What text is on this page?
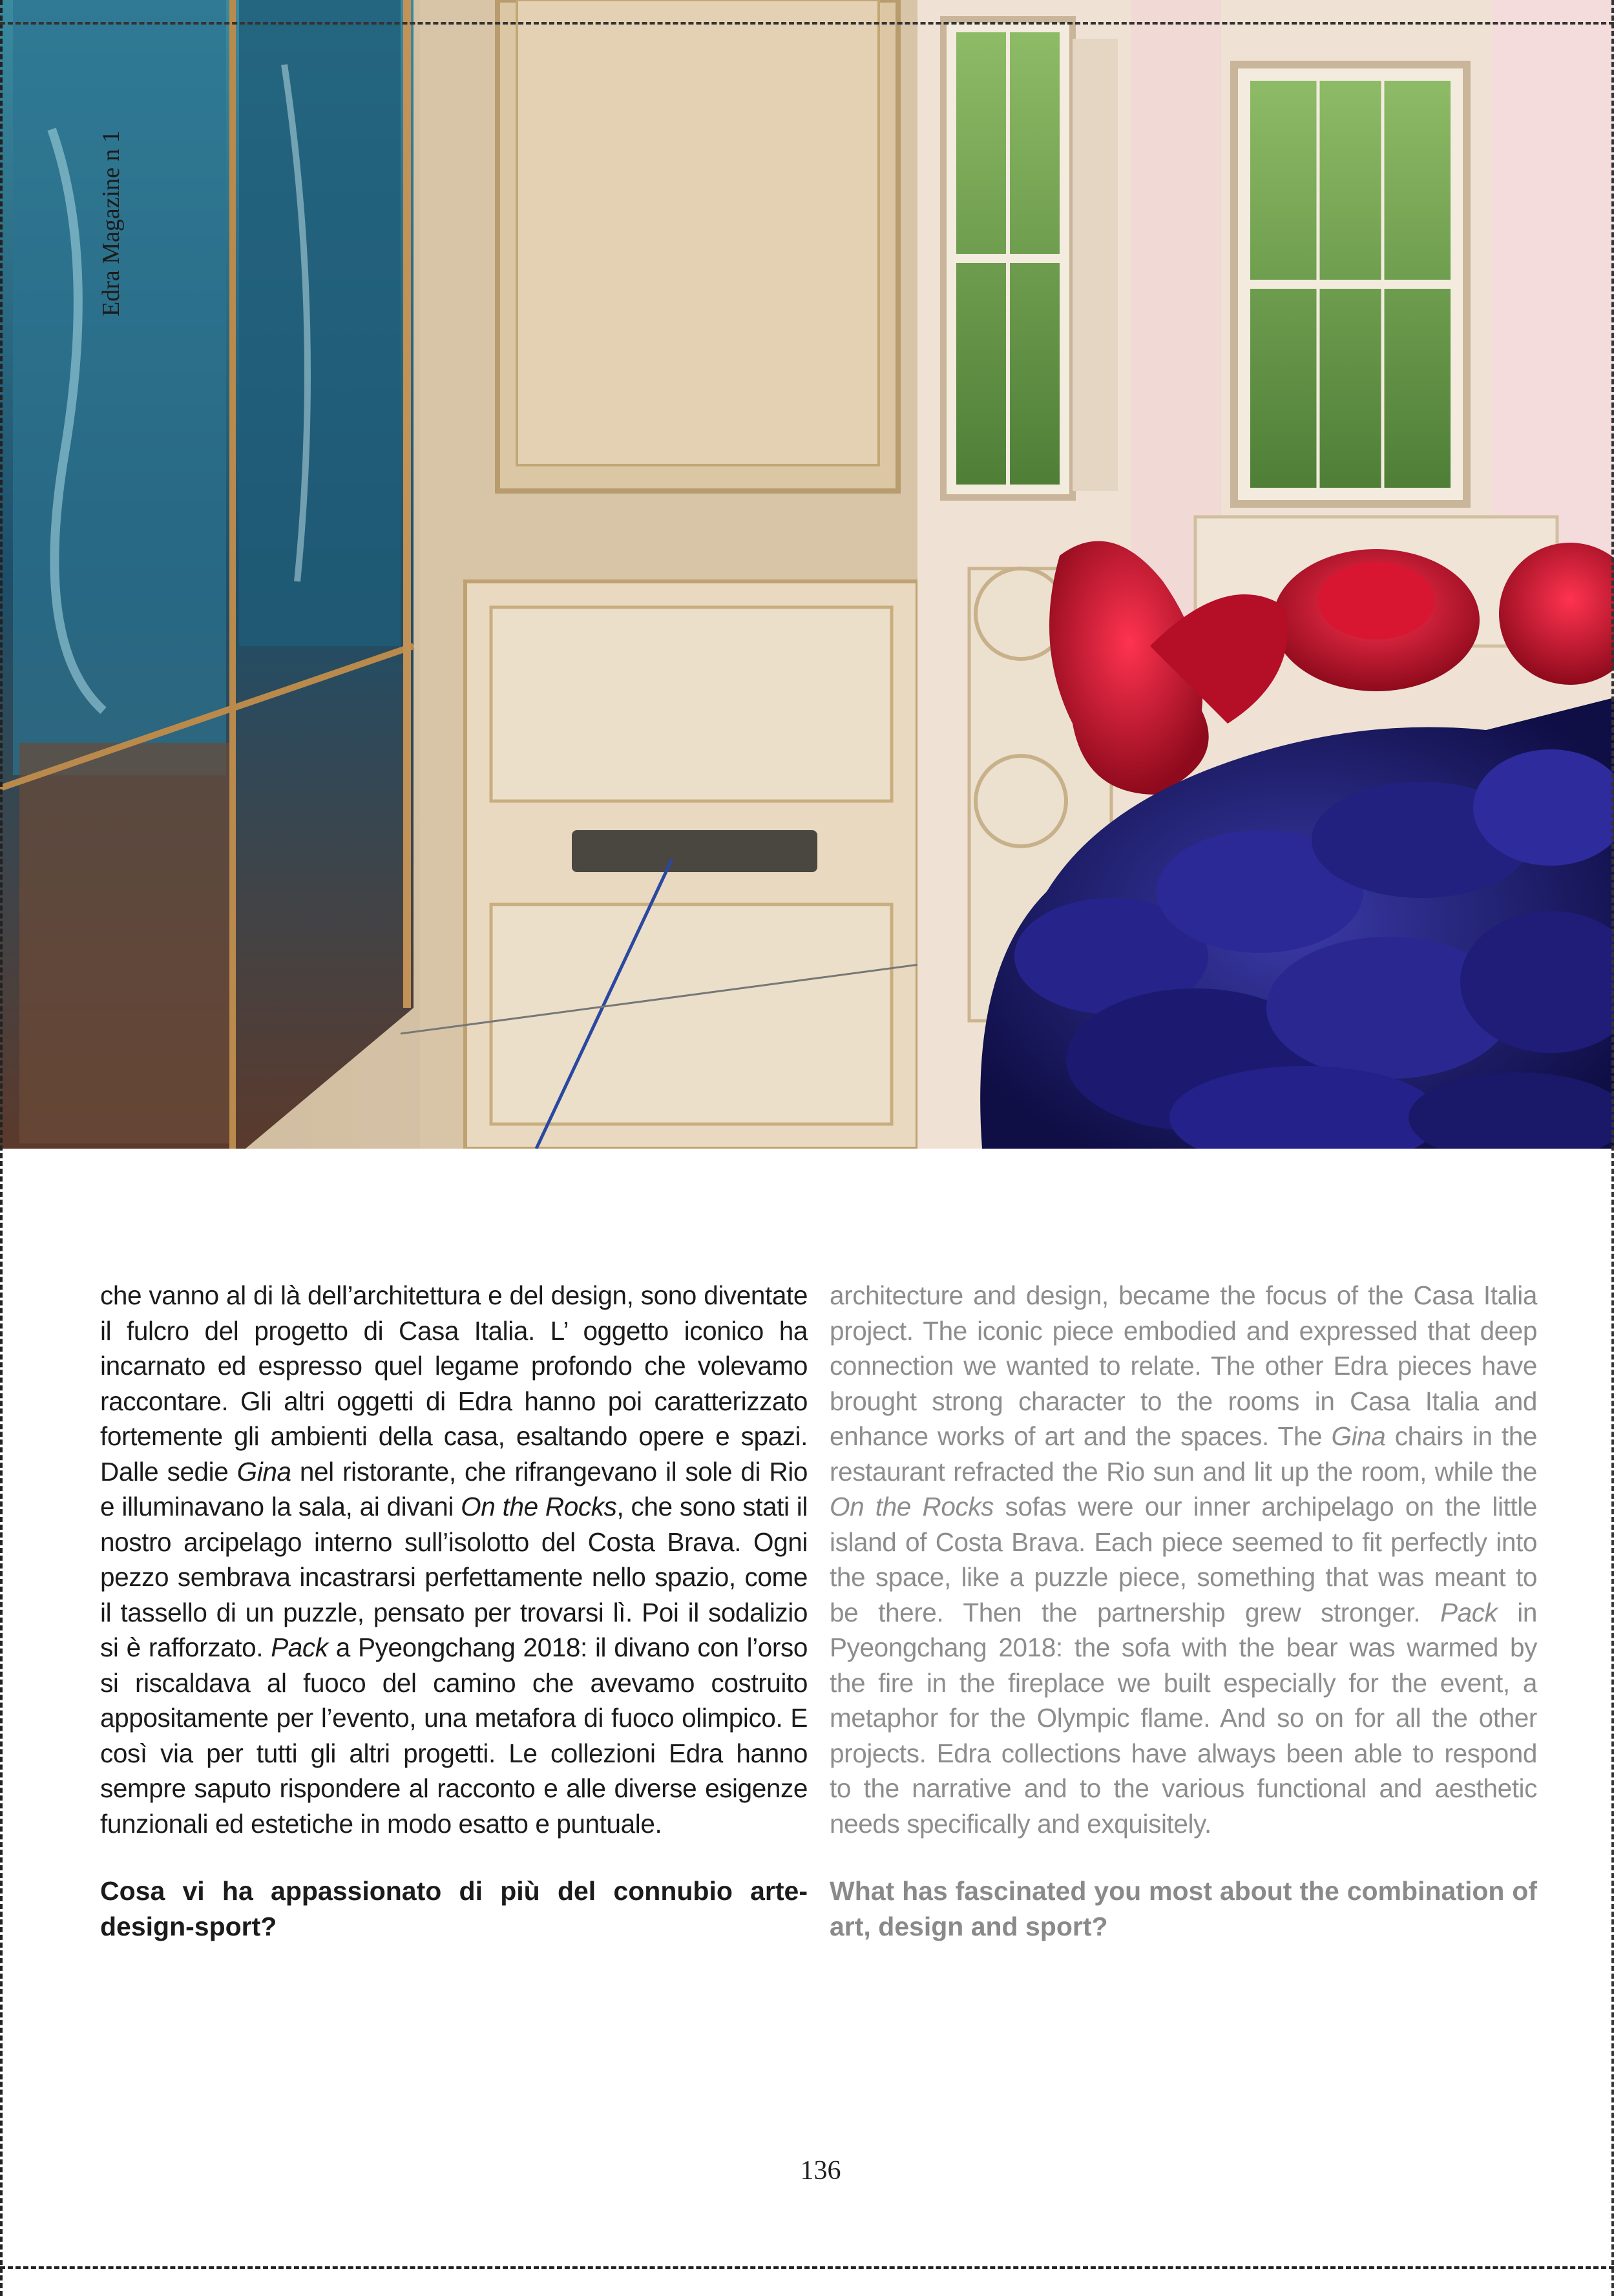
Edra Magazine n 1

che vanno al di là dell’architettura e del design, sono diventate il fulcro del progetto di Casa Italia. L’ oggetto iconico ha incarnato ed espresso quel legame profondo che volevamo raccontare. Gli altri oggetti di Edra hanno poi caratterizzato fortemente gli ambienti della casa, esaltando opere e spazi. Dalle sedie Gina nel ristorante, che rifrangevano il sole di Rio e illuminavano la sala, ai divani On the Rocks, che sono stati il nostro arcipelago interno sull’isolotto del Costa Brava. Ogni pezzo sembrava incastrarsi perfettamente nello spazio, come il tassello di un puzzle, pensato per trovarsi lì. Poi il sodalizio si è rafforzato. Pack a Pyeongchang 2018: il divano con l’orso si riscaldava al fuoco del camino che avevamo costruito appositamente per l’evento, una metafora di fuoco olimpico. E così via per tutti gli altri progetti. Le collezioni Edra hanno sempre saputo rispondere al racconto e alle diverse esigenze funzionali ed estetiche in modo esatto e puntuale.

architecture and design, became the focus of the Casa Italia project. The iconic piece embodied and expressed that deep connection we wanted to relate. The other Edra pieces have brought strong character to the rooms in Casa Italia and enhance works of art and the spaces. The Gina chairs in the restaurant refracted the Rio sun and lit up the room, while the On the Rocks sofas were our inner archipelago on the little island of Costa Brava. Each piece seemed to fit perfectly into the space, like a puzzle piece, something that was meant to be there. Then the partnership grew stronger. Pack in Pyeongchang 2018: the sofa with the bear was warmed by the fire in the fireplace we built especially for the event, a metaphor for the Olympic flame. And so on for all the other projects. Edra collections have always been able to respond to the narrative and to the various functional and aesthetic needs specifically and exquisitely.

Cosa vi ha appassionato di più del connubio arte-design-sport?
What has fascinated you most about the combination of art, design and sport?
136
